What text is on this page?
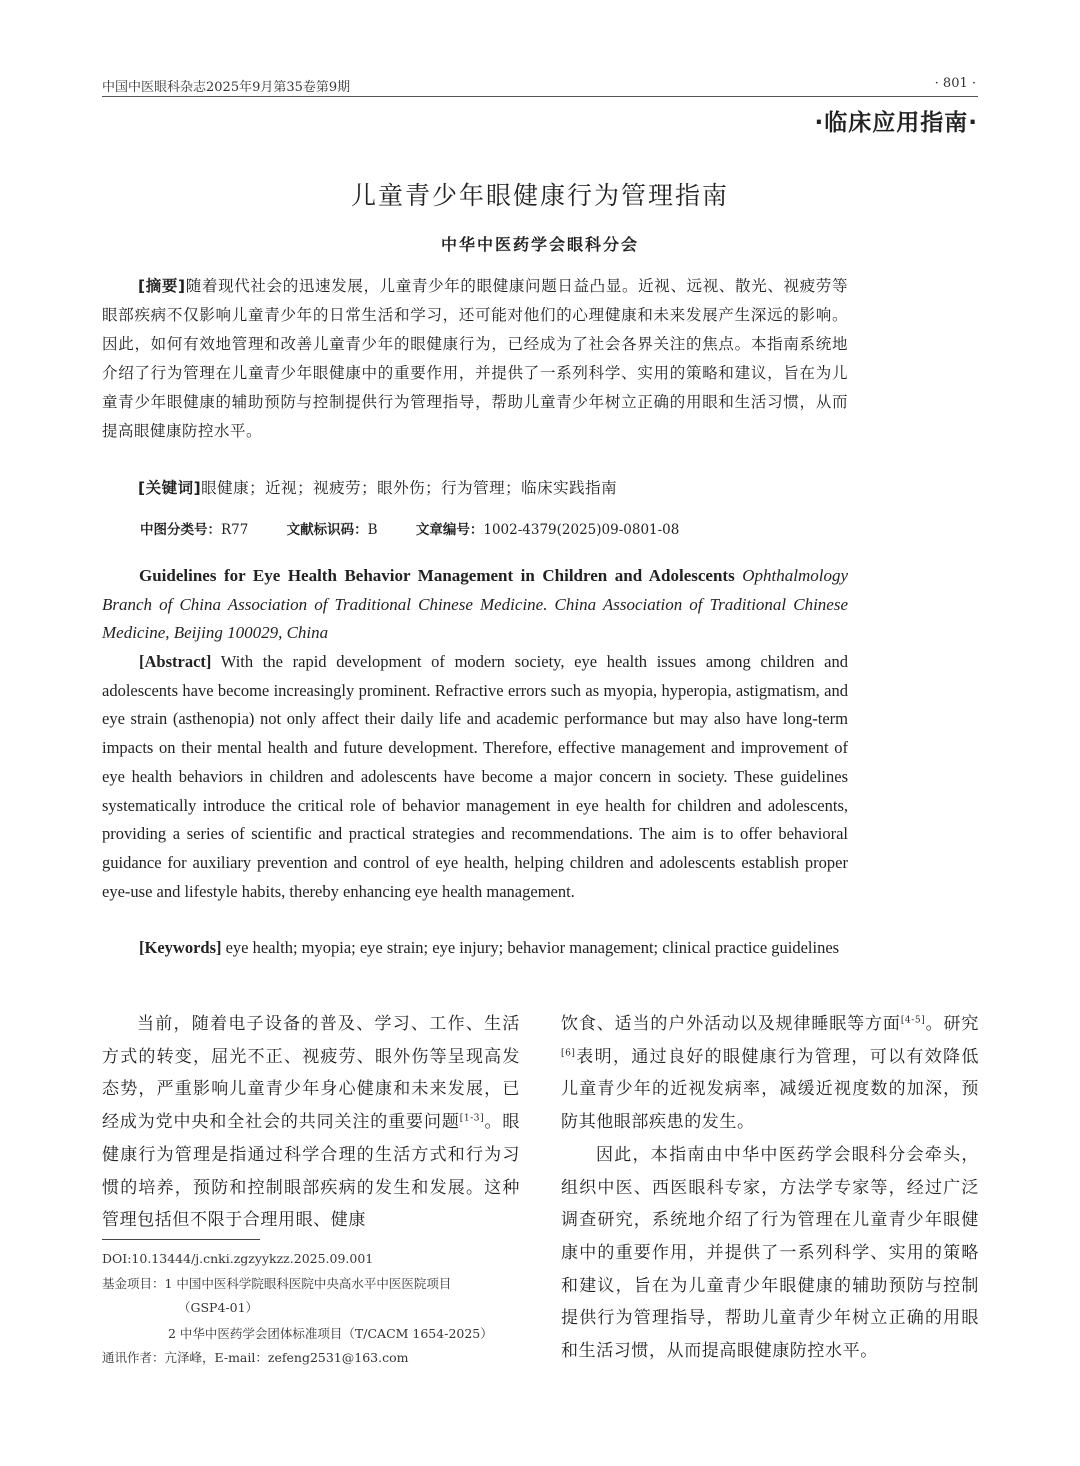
中国中医眼科杂志2025年9月第35卷第9期	· 801 ·
·临床应用指南·
儿童青少年眼健康行为管理指南
中华中医药学会眼科分会
[摘要]随着现代社会的迅速发展，儿童青少年的眼健康问题日益凸显。近视、远视、散光、视疲劳等眼部疾病不仅影响儿童青少年的日常生活和学习，还可能对他们的心理健康和未来发展产生深远的影响。因此，如何有效地管理和改善儿童青少年的眼健康行为，已经成为了社会各界关注的焦点。本指南系统地介绍了行为管理在儿童青少年眼健康中的重要作用，并提供了一系列科学、实用的策略和建议，旨在为儿童青少年眼健康的辅助预防与控制提供行为管理指导，帮助儿童青少年树立正确的用眼和生活习惯，从而提高眼健康防控水平。
[关键词]眼健康；近视；视疲劳；眼外伤；行为管理；临床实践指南
中图分类号：R77	文献标识码：B	文章编号：1002-4379(2025)09-0801-08
Guidelines for Eye Health Behavior Management in Children and Adolescents Ophthalmology Branch of China Association of Traditional Chinese Medicine. China Association of Traditional Chinese Medicine, Beijing 100029, China
[Abstract] With the rapid development of modern society, eye health issues among children and adolescents have become increasingly prominent. Refractive errors such as myopia, hyperopia, astigmatism, and eye strain (asthenopia) not only affect their daily life and academic performance but may also have long-term impacts on their mental health and future development. Therefore, effective management and improvement of eye health behaviors in children and adolescents have become a major concern in society. These guidelines systematically introduce the critical role of behavior management in eye health for children and adolescents, providing a series of scientific and practical strategies and recommendations. The aim is to offer behavioral guidance for auxiliary prevention and control of eye health, helping children and adolescents establish proper eye-use and lifestyle habits, thereby enhancing eye health management.
[Keywords] eye health; myopia; eye strain; eye injury; behavior management; clinical practice guidelines
当前，随着电子设备的普及、学习、工作、生活方式的转变，屈光不正、视疲劳、眼外伤等呈现高发态势，严重影响儿童青少年身心健康和未来发展，已经成为党中央和全社会的共同关注的重要问题[1-3]。眼健康行为管理是指通过科学合理的生活方式和行为习惯的培养，预防和控制眼部疾病的发生和发展。这种管理包括但不限于合理用眼、健康

饮食、适当的户外活动以及规律睡眠等方面[4-5]。研究[6]表明，通过良好的眼健康行为管理，可以有效降低儿童青少年的近视发病率，减缓近视度数的加深，预防其他眼部疾患的发生。

因此，本指南由中华中医药学会眼科分会牵头，组织中医、西医眼科专家，方法学专家等，经过广泛调查研究，系统地介绍了行为管理在儿童青少年眼健康中的重要作用，并提供了一系列科学、实用的策略和建议，旨在为儿童青少年眼健康的辅助预防与控制提供行为管理指导，帮助儿童青少年树立正确的用眼和生活习惯，从而提高眼健康防控水平。

DOI:10.13444/j.cnki.zgzyykzz.2025.09.001
基金项目：1 中国中医科学院眼科医院中央高水平中医医院项目
（GSP4-01）
2 中华中医药学会团体标准项目（T/CACM 1654-2025）
通讯作者：亢泽峰，E-mail：zefeng2531@163.com
